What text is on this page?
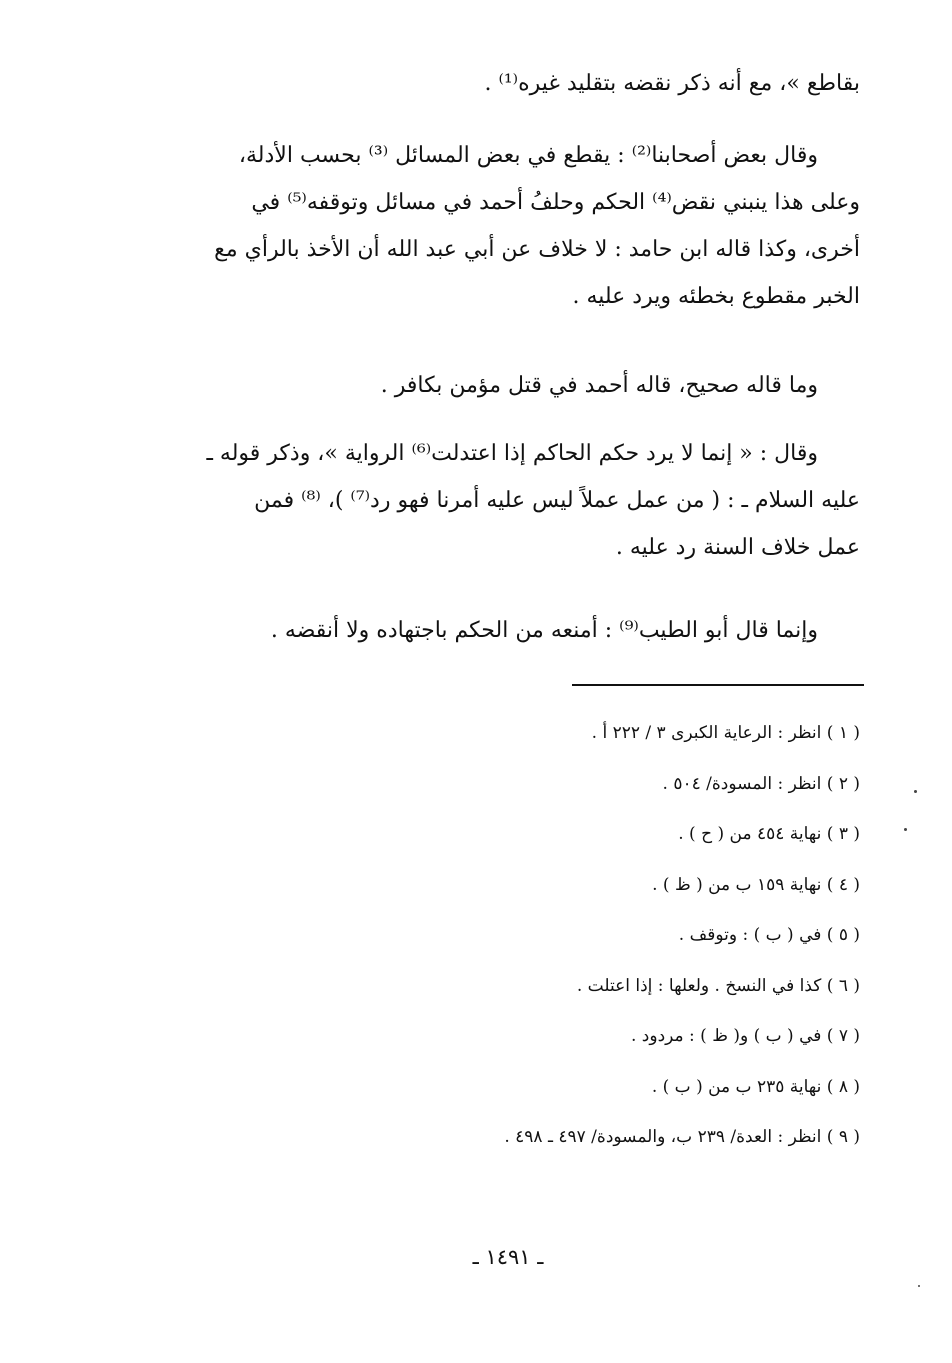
بقاطع »، مع أنه ذكر نقضه بتقليد غيره⁽¹⁾ .
وقال بعض أصحابنا⁽²⁾ : يقطع في بعض المسائل ⁽³⁾ بحسب الأدلة،
وعلى هذا ينبني نقض⁽⁴⁾ الحكم وحلفُ أحمد في مسائل وتوقفه⁽⁵⁾ في
أخرى، وكذا قاله ابن حامد : لا خلاف عن أبي عبد الله أن الأخذ بالرأي مع
الخبر مقطوع بخطئه ويرد عليه .
وما قاله صحيح، قاله أحمد في قتل مؤمن بكافر .
وقال : « إنما لا يرد حكم الحاكم إذا اعتدلت⁽⁶⁾ الرواية »، وذكر قوله ـ
عليه السلام ـ : ( من عمل عملاً ليس عليه أمرنا فهو رد⁽⁷⁾ )، ⁽⁸⁾ فمن
عمل خلاف السنة رد عليه .
وإنما قال أبو الطيب⁽⁹⁾ : أمنعه من الحكم باجتهاده ولا أنقضه .
( ١ ) انظر : الرعاية الكبرى ٣ / ٢٢٢ أ .
( ٢ ) انظر : المسودة/ ٥٠٤ .
( ٣ ) نهاية ٤٥٤ من ( ح ) .
( ٤ ) نهاية ١٥٩ ب من ( ظ ) .
( ٥ ) في ( ب ) : وتوقف .
( ٦ ) كذا في النسخ . ولعلها : إذا اعتلت .
( ٧ ) في ( ب ) و( ظ ) : مردود .
( ٨ ) نهاية ٢٣٥ ب من ( ب ) .
( ٩ ) انظر : العدة/ ٢٣٩ ب، والمسودة/ ٤٩٧ ـ ٤٩٨ .
ـ ١٤٩١ ـ
